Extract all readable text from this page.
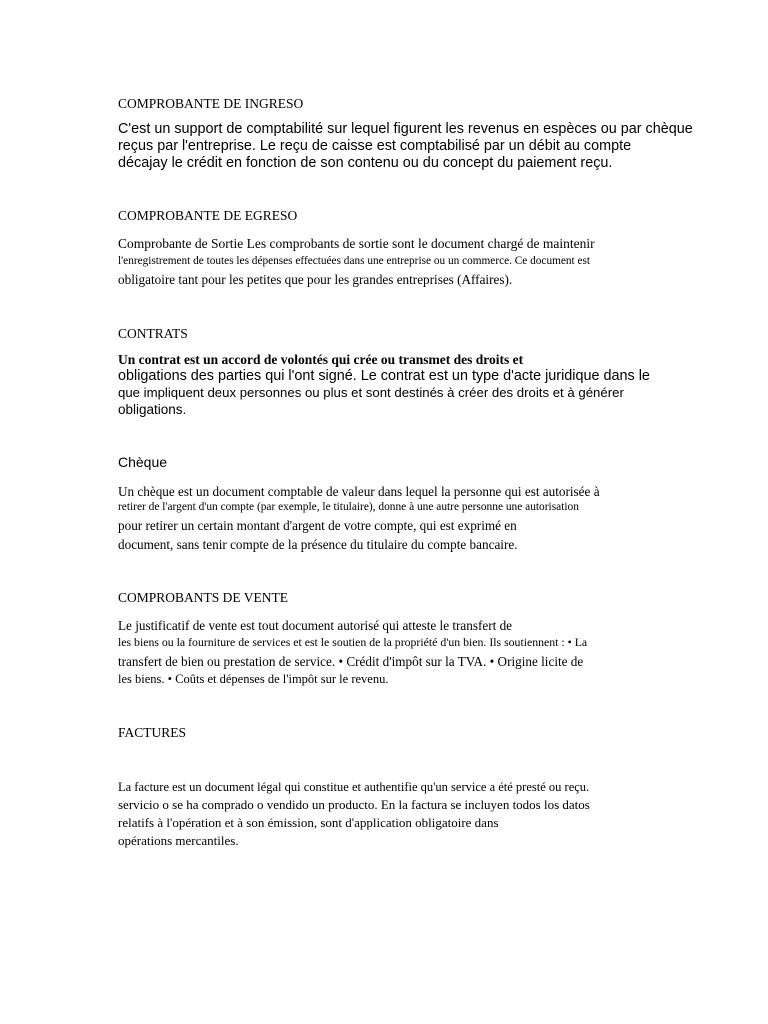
COMPROBANTE DE INGRESO
C'est un support de comptabilité sur lequel figurent les revenus en espèces ou par chèque
reçus par l'entreprise. Le reçu de caisse est comptabilisé par un débit au compte
décajay le crédit en fonction de son contenu ou du concept du paiement reçu.
COMPROBANTE DE EGRESO
Comprobante de Sortie Les comprobants de sortie sont le document chargé de maintenir
l'enregistrement de toutes les dépenses effectuées dans une entreprise ou un commerce. Ce document est
obligatoire tant pour les petites que pour les grandes entreprises (Affaires).
CONTRATS
Un contrat est un accord de volontés qui crée ou transmet des droits et
obligations des parties qui l'ont signé. Le contrat est un type d'acte juridique dans le
que impliquent deux personnes ou plus et sont destinés à créer des droits et à générer
obligations.
Chèque
Un chèque est un document comptable de valeur dans lequel la personne qui est autorisée à
retirer de l'argent d'un compte (par exemple, le titulaire), donne à une autre personne une autorisation
pour retirer un certain montant d'argent de votre compte, qui est exprimé en
document, sans tenir compte de la présence du titulaire du compte bancaire.
COMPROBANTS DE VENTE
Le justificatif de vente est tout document autorisé qui atteste le transfert de
les biens ou la fourniture de services et est le soutien de la propriété d'un bien. Ils soutiennent : • La
transfert de bien ou prestation de service. • Crédit d'impôt sur la TVA. • Origine licite de
les biens. • Coûts et dépenses de l'impôt sur le revenu.
FACTURES
La facture est un document légal qui constitue et authentifie qu'un service a été presté ou reçu.
servicio o se ha comprado o vendido un producto. En la factura se incluyen todos los datos
relatifs à l'opération et à son émission, sont d'application obligatoire dans
opérations mercantiles.
